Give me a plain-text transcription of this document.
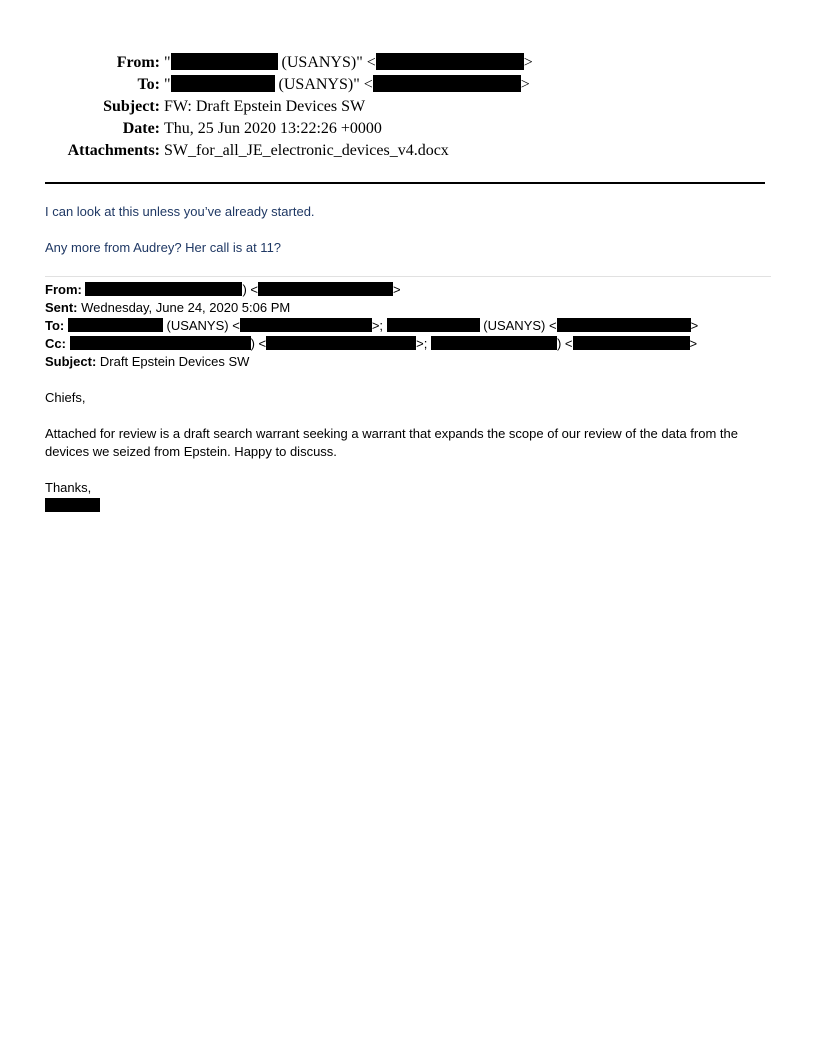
From: "	(USANYS)" <	>
To: "	(USANYS)" <	>
Subject: FW: Draft Epstein Devices SW
Date: Thu, 25 Jun 2020 13:22:26 +0000
Attachments: SW_for_all_JE_electronic_devices_v4.docx
I can look at this unless you’ve already started.
Any more from Audrey? Her call is at 11?
From:	) <	>
Sent: Wednesday, June 24, 2020 5:06 PM
To:	(USANYS) <	>;	(USANYS) <	>
Cc:	) <	>;	) <	>
Subject: Draft Epstein Devices SW
Chiefs,
Attached for review is a draft search warrant seeking a warrant that expands the scope of our review of the data from the
devices we seized from Epstein. Happy to discuss.
Thanks,
